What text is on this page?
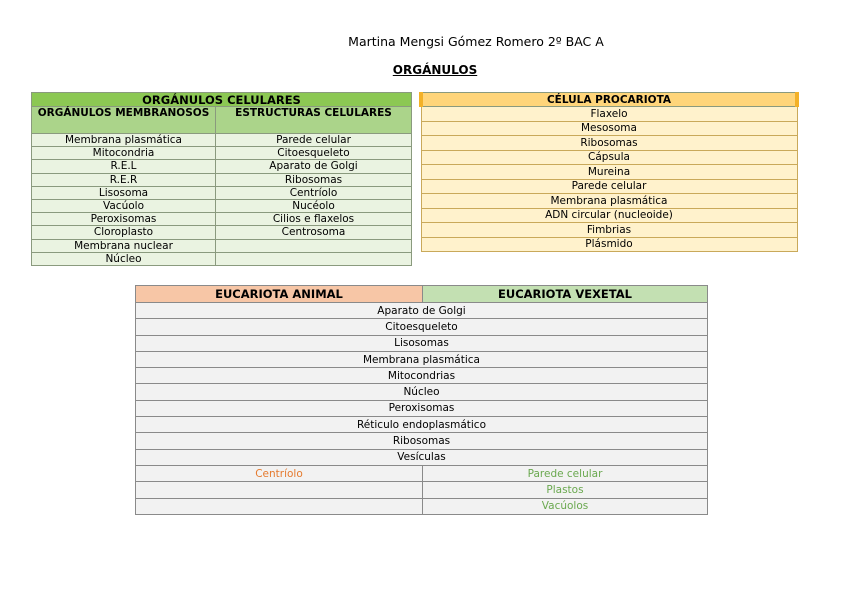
Martina Mengsi Gómez Romero 2º BAC A
ORGÁNULOS
ORGÁNULOS CELULARES	
ORGÁNULOS MEMBRANOSOS	ESTRUCTURAS CELULARES
Membrana plasmática	Parede celular
Mitocondria	Citoesqueleto
R.E.L	Aparato de Golgi
R.E.R	Ribosomas
Lisosoma	Centríolo
Vacúolo	Nucéolo
Peroxisomas	Cilios e flaxelos
Cloroplasto	Centrosoma
Membrana nuclear	
Núcleo	
CÉLULA PROCARIOTA
Flaxelo
Mesosoma
Ribosomas
Cápsula
Mureina
Parede celular
Membrana plasmática
ADN circular (nucleoide)
Fimbrias
Plásmido
EUCARIOTA ANIMAL	EUCARIOTA VEXETAL
Aparato de Golgi	
Citoesqueleto	
Lisosomas	
Membrana plasmática	
Mitocondrias	
Núcleo	
Peroxisomas	
Réticulo endoplasmático	
Ribosomas	
Vesículas	
Centríolo	Parede celular
	Plastos
	Vacúolos
